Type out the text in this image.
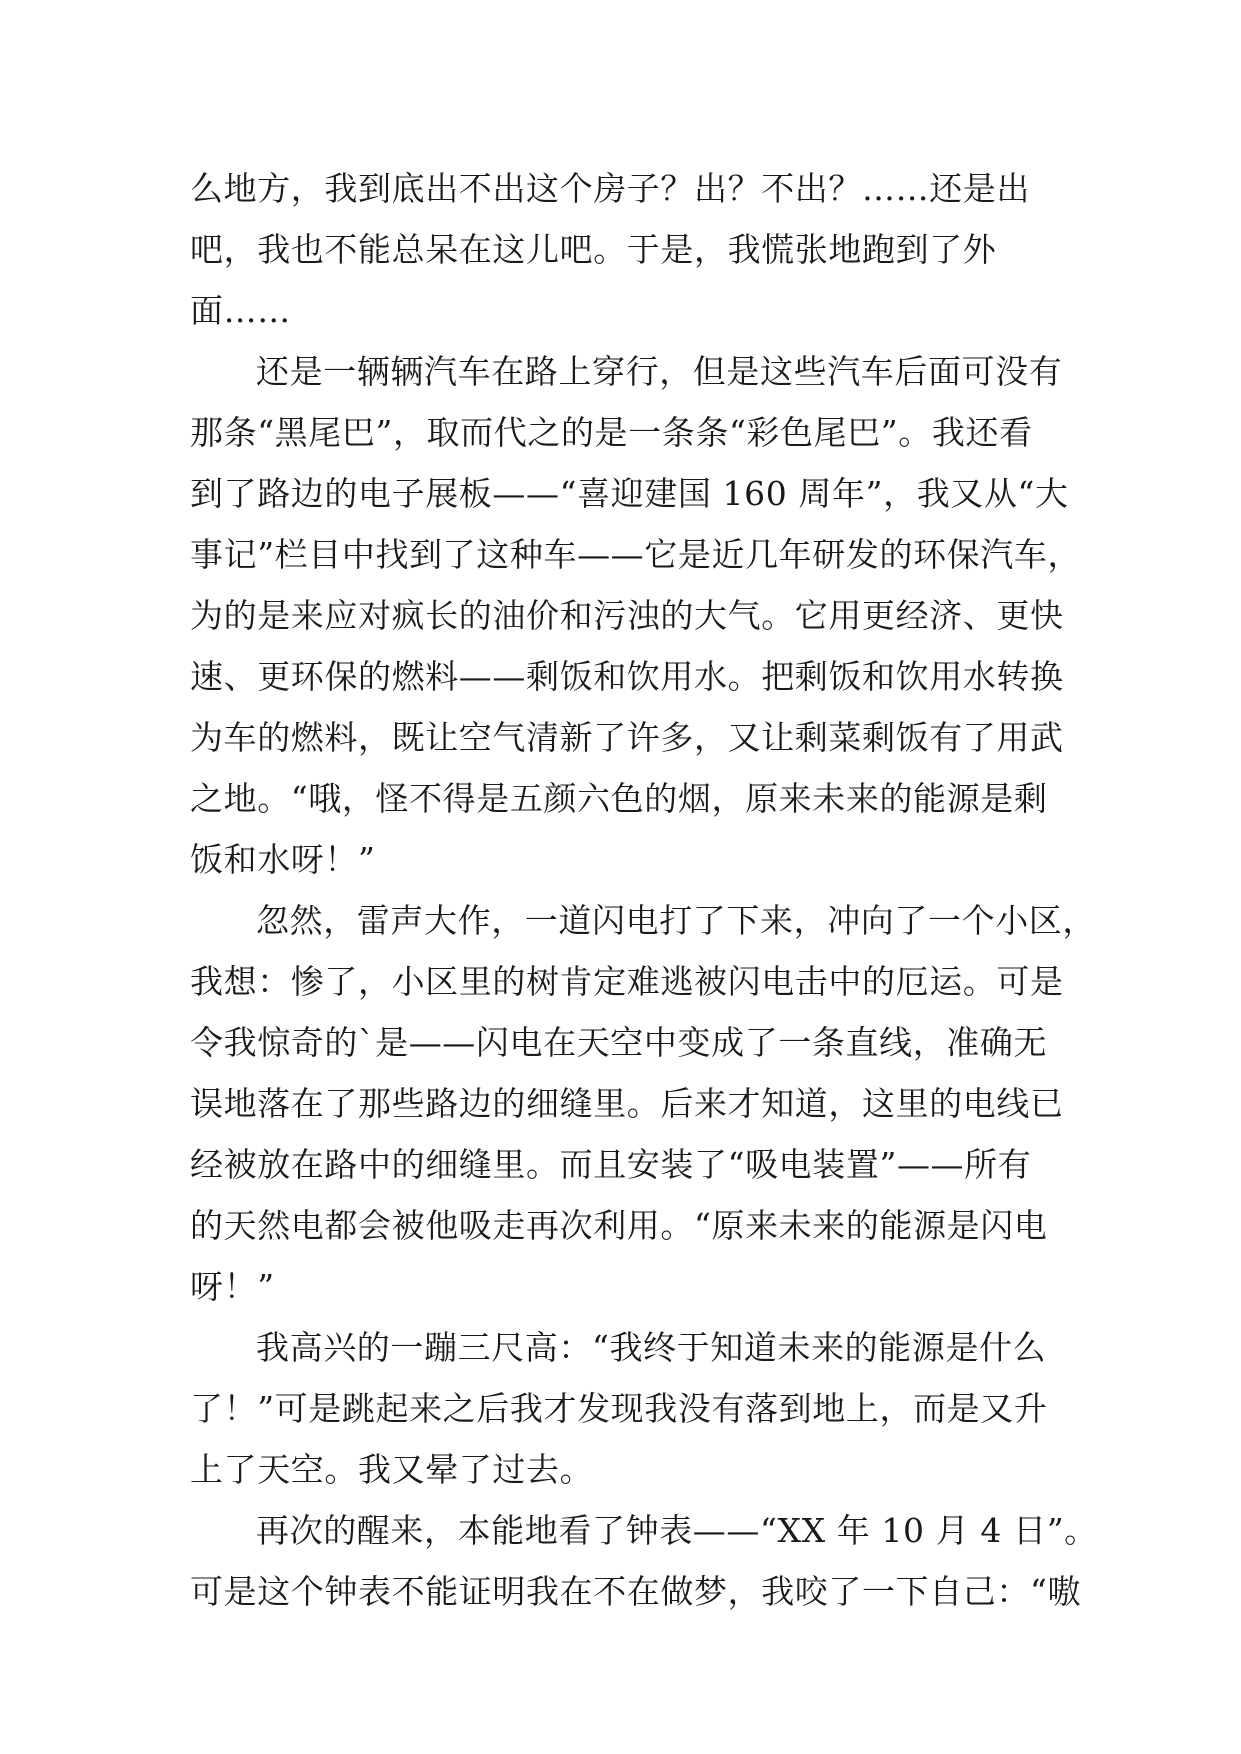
么地方，我到底出不出这个房子？出？不出？……还是出
吧，我也不能总呆在这儿吧。于是，我慌张地跑到了外
面……
还是一辆辆汽车在路上穿行，但是这些汽车后面可没有
那条“黑尾巴”，取而代之的是一条条“彩色尾巴”。我还看
到了路边的电子展板——“喜迎建国 160 周年”，我又从“大
事记”栏目中找到了这种车——它是近几年研发的环保汽车，
为的是来应对疯长的油价和污浊的大气。它用更经济、更快
速、更环保的燃料——剩饭和饮用水。把剩饭和饮用水转换
为车的燃料，既让空气清新了许多，又让剩菜剩饭有了用武
之地。“哦，怪不得是五颜六色的烟，原来未来的能源是剩
饭和水呀！”
忽然，雷声大作，一道闪电打了下来，冲向了一个小区，
我想：惨了，小区里的树肯定难逃被闪电击中的厄运。可是
令我惊奇的`是——闪电在天空中变成了一条直线，准确无
误地落在了那些路边的细缝里。后来才知道，这里的电线已
经被放在路中的细缝里。而且安装了“吸电装置”——所有
的天然电都会被他吸走再次利用。“原来未来的能源是闪电
呀！”
我高兴的一蹦三尺高：“我终于知道未来的能源是什么
了！”可是跳起来之后我才发现我没有落到地上，而是又升
上了天空。我又晕了过去。
再次的醒来，本能地看了钟表——“XX 年 10 月 4 日”。
可是这个钟表不能证明我在不在做梦，我咬了一下自己：“嗷
